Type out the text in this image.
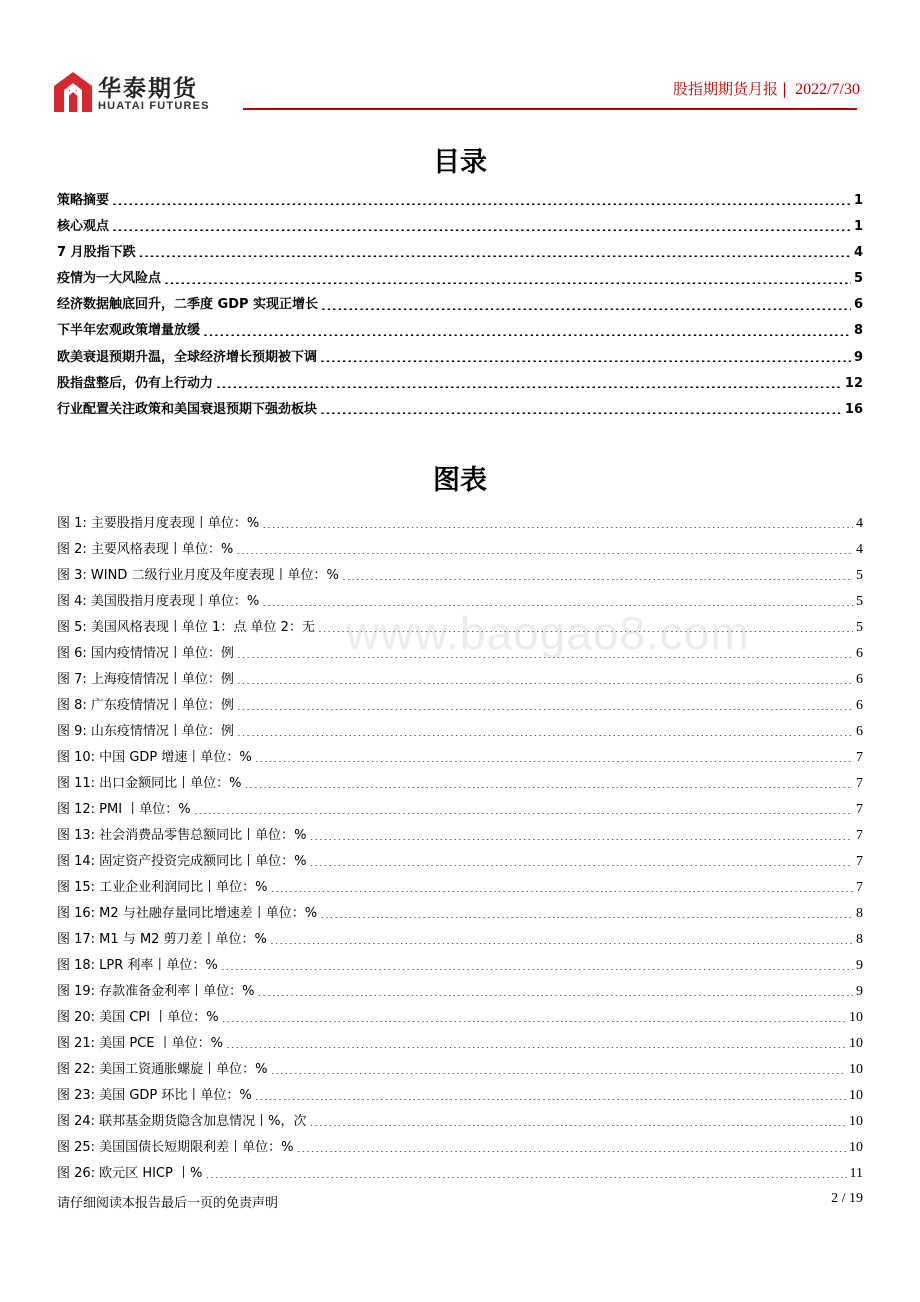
华泰期货
HUATAI FUTURES
股指期期货月报 | 2022/7/30
目录
策略摘要 .....	1
核心观点 .....	1
7 月股指下跌 .....	4
疫情为一大风险点 .....	5
经济数据触底回升，二季度 GDP 实现正增长 .....	6
下半年宏观政策增量放缓 .....	8
欧美衰退预期升温，全球经济增长预期被下调 .....	9
股指盘整后，仍有上行动力 .....	12
行业配置关注政策和美国衰退预期下强劲板块 .....	16
图表
图 1: 主要股指月度表现丨单位：% .....	4
图 2: 主要风格表现丨单位：% .....	4
图 3: WIND 二级行业月度及年度表现丨单位：% .....	5
图 4: 美国股指月度表现丨单位：% .....	5
图 5: 美国风格表现丨单位 1：点 单位 2：无 .....	5
图 6: 国内疫情情况丨单位：例 .....	6
图 7: 上海疫情情况丨单位：例 .....	6
图 8: 广东疫情情况丨单位：例 .....	6
图 9: 山东疫情情况丨单位：例 .....	6
图 10: 中国 GDP 增速丨单位：% .....	7
图 11: 出口金额同比丨单位：% .....	7
图 12: PMI 丨单位：% .....	7
图 13: 社会消费品零售总额同比丨单位：% .....	7
图 14: 固定资产投资完成额同比丨单位：% .....	7
图 15: 工业企业利润同比丨单位：% .....	7
图 16: M2 与社融存量同比增速差丨单位：% .....	8
图 17: M1 与 M2 剪刀差丨单位：% .....	8
图 18: LPR 利率丨单位：% .....	9
图 19: 存款准备金利率丨单位：% .....	9
图 20: 美国 CPI 丨单位：% .....	10
图 21: 美国 PCE 丨单位：% .....	10
图 22: 美国工资通胀螺旋丨单位：% .....	10
图 23: 美国 GDP 环比丨单位：% .....	10
图 24: 联邦基金期货隐含加息情况丨%，次 .....	10
图 25: 美国国债长短期限利差丨单位：% .....	10
图 26: 欧元区 HICP 丨% .....	11
www.baogao8.com
请仔细阅读本报告最后一页的免责声明	2 / 19
